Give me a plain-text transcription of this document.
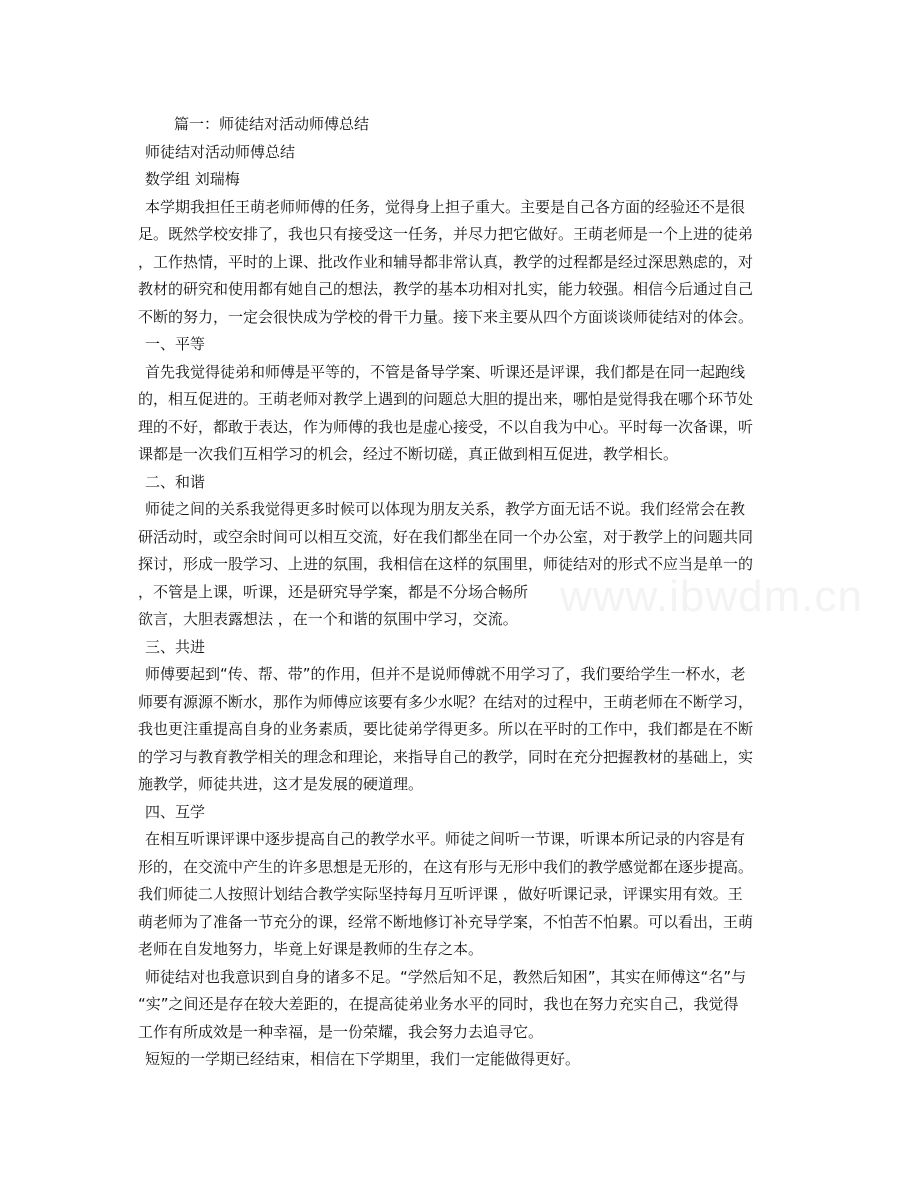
www.ibwdm.cn

篇一：师徒结对活动师傅总结

师徒结对活动师傅总结

数学组 刘瑞梅

本学期我担任王萌老师师傅的任务，觉得身上担子重大。主要是自己各方面的经验还不是很

足。既然学校安排了，我也只有接受这一任务，并尽力把它做好。王萌老师是一个上进的徒弟

，工作热情，平时的上课、批改作业和辅导都非常认真，教学的过程都是经过深思熟虑的，对

教材的研究和使用都有她自己的想法，教学的基本功相对扎实，能力较强。相信今后通过自己

不断的努力，一定会很快成为学校的骨干力量。接下来主要从四个方面谈谈师徒结对的体会。

一、平等

首先我觉得徒弟和师傅是平等的，不管是备导学案、听课还是评课，我们都是在同一起跑线

的，相互促进的。王萌老师对教学上遇到的问题总大胆的提出来，哪怕是觉得我在哪个环节处

理的不好，都敢于表达，作为师傅的我也是虚心接受，不以自我为中心。平时每一次备课，听

课都是一次我们互相学习的机会，经过不断切磋，真正做到相互促进，教学相长。

二、和谐

师徒之间的关系我觉得更多时候可以体现为朋友关系，教学方面无话不说。我们经常会在教

研活动时，或空余时间可以相互交流，好在我们都坐在同一个办公室，对于教学上的问题共同

探讨，形成一股学习、上进的氛围，我相信在这样的氛围里，师徒结对的形式不应当是单一的

，不管是上课，听课，还是研究导学案，都是不分场合畅所

欲言，大胆表露想法 ，在一个和谐的氛围中学习，交流。

三、共进

师傅要起到“传、帮、带”的作用，但并不是说师傅就不用学习了，我们要给学生一杯水，老

师要有源源不断水，那作为师傅应该要有多少水呢？在结对的过程中，王萌老师在不断学习，

我也更注重提高自身的业务素质，要比徒弟学得更多。所以在平时的工作中，我们都是在不断

的学习与教育教学相关的理念和理论，来指导自己的教学，同时在充分把握教材的基础上，实

施教学，师徒共进，这才是发展的硬道理。

四、互学

在相互听课评课中逐步提高自己的教学水平。师徒之间听一节课，听课本所记录的内容是有

形的，在交流中产生的许多思想是无形的，在这有形与无形中我们的教学感觉都在逐步提高。

我们师徒二人按照计划结合教学实际坚持每月互听评课 ，做好听课记录，评课实用有效。王

萌老师为了准备一节充分的课，经常不断地修订补充导学案，不怕苦不怕累。可以看出，王萌

老师在自发地努力，毕竟上好课是教师的生存之本。

师徒结对也我意识到自身的诸多不足。“学然后知不足，教然后知困”，其实在师傅这“名”与

“实”之间还是存在较大差距的，在提高徒弟业务水平的同时，我也在努力充实自己，我觉得

工作有所成效是一种幸福，是一份荣耀，我会努力去追寻它。

短短的一学期已经结束，相信在下学期里，我们一定能做得更好。
